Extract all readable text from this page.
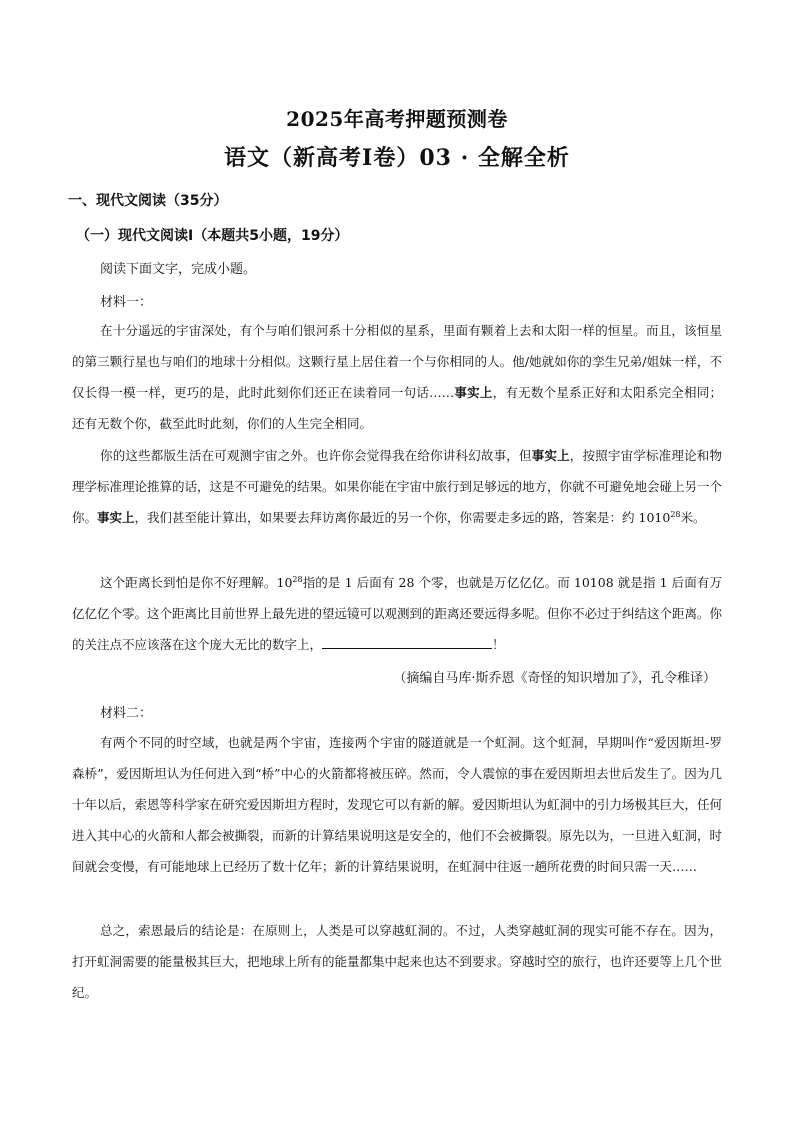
2025年高考押题预测卷
语文（新高考Ⅰ卷）03 · 全解全析
一、现代文阅读（35分）
（一）现代文阅读Ⅰ（本题共5小题，19分）
阅读下面文字，完成小题。
材料一：
在十分遥远的宇宙深处，有个与咱们银河系十分相似的星系，里面有颗着上去和太阳一样的恒星。而且，该恒星的第三颗行星也与咱们的地球十分相似。这颗行星上居住着一个与你相同的人。他/她就如你的孪生兄弟/姐妹一样，不仅长得一模一样，更巧的是，此时此刻你们还正在读着同一句话……事实上，有无数个星系正好和太阳系完全相同；还有无数个你，截至此时此刻，你们的人生完全相同。
你的这些都版生活在可观测宇宙之外。也许你会觉得我在给你讲科幻故事，但事实上，按照宇宙学标准理论和物理学标准理论推算的话，这是不可避免的结果。如果你能在宇宙中旅行到足够远的地方，你就不可避免地会碰上另一个你。事实上，我们甚至能计算出，如果要去拜访离你最近的另一个你，你需要走多远的路，答案是：约 1010$^{28}$米。
这个距离长到怕是你不好理解。$10^{28}$指的是 1 后面有 28 个零，也就是万亿亿亿。而 10108 就是指 1 后面有万亿亿亿个零。这个距离比目前世界上最先进的望远镜可以观测到的距离还要远得多呢。但你不必过于纠结这个距离。你的关注点不应该落在这个庞大无比的数字上，	！
（摘编自马库·斯乔恩《奇怪的知识增加了》，孔令稚译）
材料二：
有两个不同的时空域，也就是两个宇宙，连接两个宇宙的隧道就是一个虹洞。这个虹洞，早期叫作“爱因斯坦-罗森桥”，爱因斯坦认为任何进入到“桥”中心的火箭都将被压碎。然而，令人震惊的事在爱因斯坦去世后发生了。因为几十年以后，索恩等科学家在研究爱因斯坦方程时，发现它可以有新的解。爱因斯坦认为虹洞中的引力场极其巨大，任何进入其中心的火箭和人都会被撕裂，而新的计算结果说明这是安全的，他们不会被撕裂。原先以为，一旦进入虹洞，时间就会变慢，有可能地球上已经历了数十亿年；新的计算结果说明，在虹洞中往返一趟所花费的时间只需一天……
总之，索恩最后的结论是：在原则上，人类是可以穿越虹洞的。不过，人类穿越虹洞的现实可能不存在。因为，打开虹洞需要的能量极其巨大，把地球上所有的能量都集中起来也达不到要求。穿越时空的旅行，也许还要等上几个世纪。
